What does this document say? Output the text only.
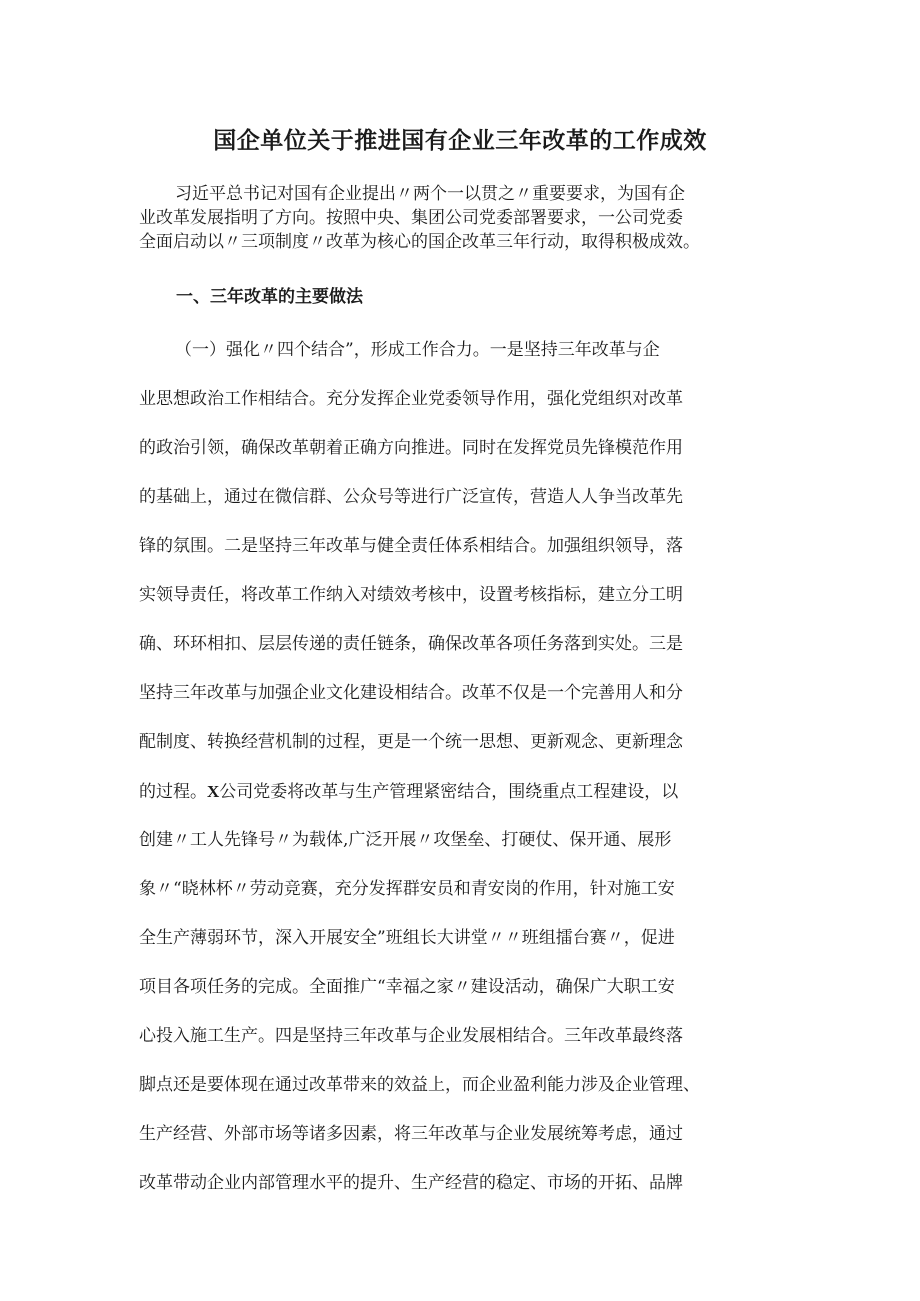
国企单位关于推进国有企业三年改革的工作成效

习近平总书记对国有企业提出〃两个一以贯之〃重要要求，为国有企
业改革发展指明了方向。按照中央、集团公司党委部署要求，一公司党委
全面启动以〃三项制度〃改革为核心的国企改革三年行动，取得积极成效。

一、三年改革的主要做法

（一）强化〃四个结合”，形成工作合力。一是坚持三年改革与企
业思想政治工作相结合。充分发挥企业党委领导作用，强化党组织对改革
的政治引领，确保改革朝着正确方向推进。同时在发挥党员先锋模范作用
的基础上，通过在微信群、公众号等进行广泛宣传，营造人人争当改革先
锋的氛围。二是坚持三年改革与健全责任体系相结合。加强组织领导，落
实领导责任，将改革工作纳入对绩效考核中，设置考核指标，建立分工明
确、环环相扣、层层传递的责任链条，确保改革各项任务落到实处。三是
坚持三年改革与加强企业文化建设相结合。改革不仅是一个完善用人和分
配制度、转换经营机制的过程，更是一个统一思想、更新观念、更新理念
的过程。X公司党委将改革与生产管理紧密结合，围绕重点工程建设，以
创建〃工人先锋号〃为载体,广泛开展〃攻堡垒、打硬仗、保开通、展形
象〃“晓林杯〃劳动竞赛，充分发挥群安员和青安岗的作用，针对施工安
全生产薄弱环节，深入开展安全”班组长大讲堂〃〃班组擂台赛〃，促进
项目各项任务的完成。全面推广“幸福之家〃建设活动，确保广大职工安
心投入施工生产。四是坚持三年改革与企业发展相结合。三年改革最终落
脚点还是要体现在通过改革带来的效益上，而企业盈利能力涉及企业管理、
生产经营、外部市场等诸多因素，将三年改革与企业发展统筹考虑，通过
改革带动企业内部管理水平的提升、生产经营的稳定、市场的开拓、品牌
